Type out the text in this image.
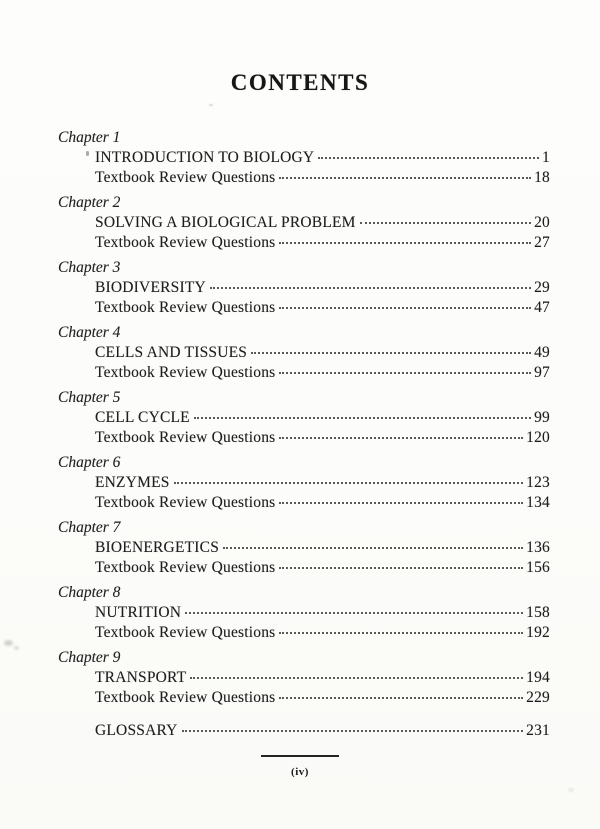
CONTENTS
Chapter 1
INTRODUCTION TO BIOLOGY	1
Textbook Review Questions	18
Chapter 2
SOLVING A BIOLOGICAL PROBLEM	20
Textbook Review Questions	27
Chapter 3
BIODIVERSITY	29
Textbook Review Questions	47
Chapter 4
CELLS AND TISSUES	49
Textbook Review Questions	97
Chapter 5
CELL CYCLE	99
Textbook Review Questions	120
Chapter 6
ENZYMES	123
Textbook Review Questions	134
Chapter 7
BIOENERGETICS	136
Textbook Review Questions	156
Chapter 8
NUTRITION	158
Textbook Review Questions	192
Chapter 9
TRANSPORT	194
Textbook Review Questions	229
GLOSSARY	231
(iv)
